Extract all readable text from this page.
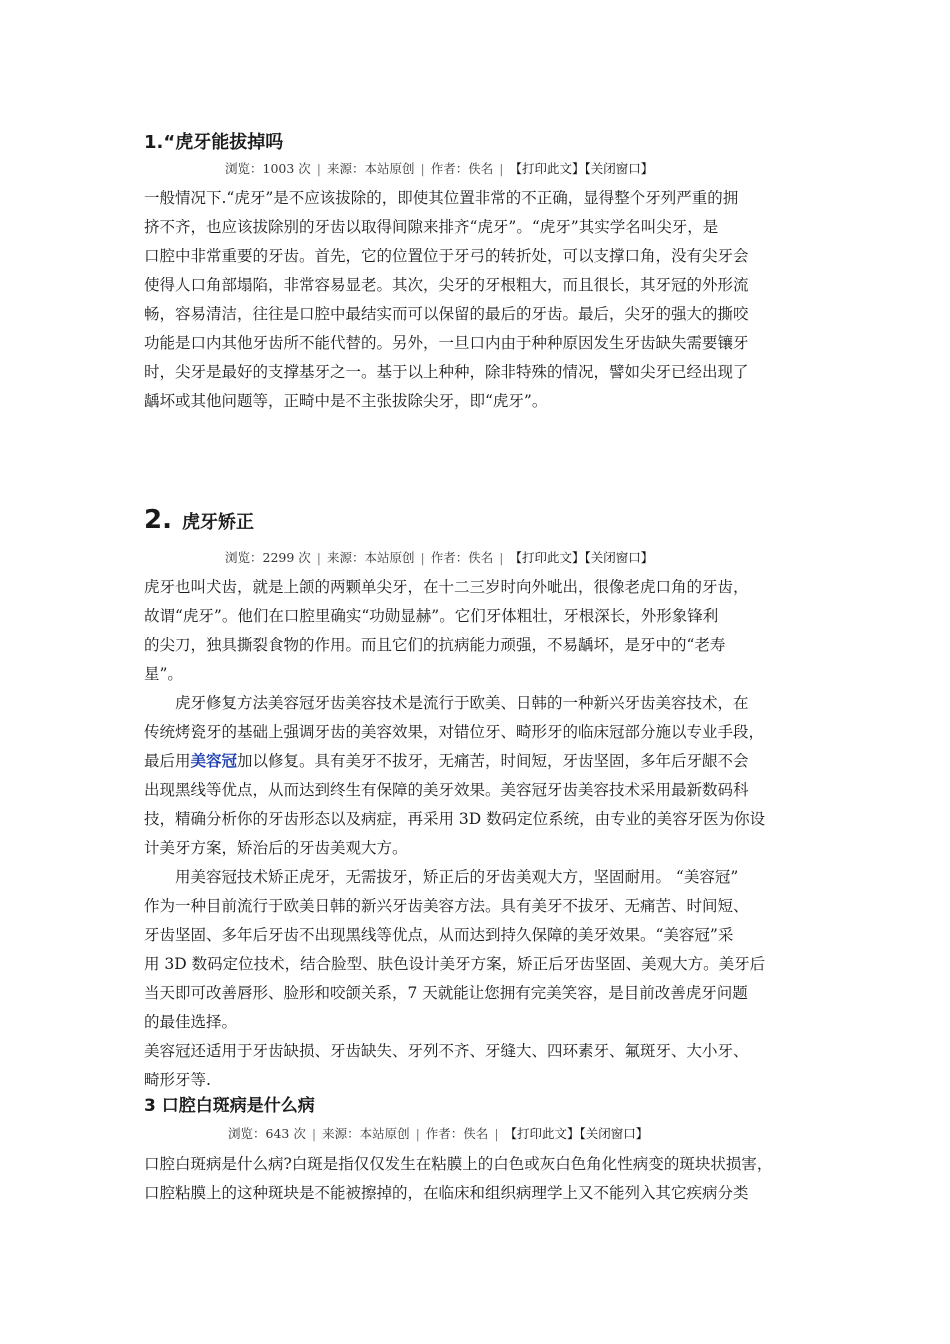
1.“虎牙能拔掉吗
浏览：1003 次 | 来源：本站原创 | 作者：佚名 | 【打印此文】【关闭窗口】
一般情况下.“虎牙”是不应该拔除的，即使其位置非常的不正确，显得整个牙列严重的拥
挤不齐，也应该拔除别的牙齿以取得间隙来排齐“虎牙”。“虎牙”其实学名叫尖牙，是
口腔中非常重要的牙齿。首先，它的位置位于牙弓的转折处，可以支撑口角，没有尖牙会
使得人口角部塌陷，非常容易显老。其次，尖牙的牙根粗大，而且很长，其牙冠的外形流
畅，容易清洁，往往是口腔中最结实而可以保留的最后的牙齿。最后，尖牙的强大的撕咬
功能是口内其他牙齿所不能代替的。另外，一旦口内由于种种原因发生牙齿缺失需要镶牙
时，尖牙是最好的支撑基牙之一。基于以上种种，除非特殊的情况，譬如尖牙已经出现了
龋坏或其他问题等，正畸中是不主张拔除尖牙，即“虎牙”。
2. 虎牙矫正
浏览：2299 次 | 来源：本站原创 | 作者：佚名 | 【打印此文】【关闭窗口】
虎牙也叫犬齿，就是上颌的两颗单尖牙，在十二三岁时向外呲出，很像老虎口角的牙齿，
故谓“虎牙”。他们在口腔里确实“功勋显赫”。它们牙体粗壮，牙根深长，外形象锋利
的尖刀，独具撕裂食物的作用。而且它们的抗病能力顽强，不易龋坏，是牙中的“老寿
星”。
　　虎牙修复方法美容冠牙齿美容技术是流行于欧美、日韩的一种新兴牙齿美容技术，在
传统烤瓷牙的基础上强调牙齿的美容效果，对错位牙、畸形牙的临床冠部分施以专业手段，
最后用美容冠加以修复。具有美牙不拔牙，无痛苦，时间短，牙齿坚固，多年后牙龈不会
出现黑线等优点，从而达到终生有保障的美牙效果。美容冠牙齿美容技术采用最新数码科
技，精确分析你的牙齿形态以及病症，再采用 3D 数码定位系统，由专业的美容牙医为你设
计美牙方案，矫治后的牙齿美观大方。
　　用美容冠技术矫正虎牙，无需拔牙，矫正后的牙齿美观大方，坚固耐用。 “美容冠”
作为一种目前流行于欧美日韩的新兴牙齿美容方法。具有美牙不拔牙、无痛苦、时间短、
牙齿坚固、多年后牙齿不出现黑线等优点，从而达到持久保障的美牙效果。“美容冠”采
用 3D 数码定位技术，结合脸型、肤色设计美牙方案，矫正后牙齿坚固、美观大方。美牙后
当天即可改善唇形、脸形和咬颌关系，7 天就能让您拥有完美笑容，是目前改善虎牙问题
的最佳选择。
美容冠还适用于牙齿缺损、牙齿缺失、牙列不齐、牙缝大、四环素牙、氟斑牙、大小牙、
畸形牙等.
3 口腔白斑病是什么病
浏览：643 次 | 来源：本站原创 | 作者：佚名 | 【打印此文】【关闭窗口】
口腔白斑病是什么病?白斑是指仅仅发生在粘膜上的白色或灰白色角化性病变的斑块状损害，
口腔粘膜上的这种斑块是不能被擦掉的，在临床和组织病理学上又不能列入其它疾病分类
